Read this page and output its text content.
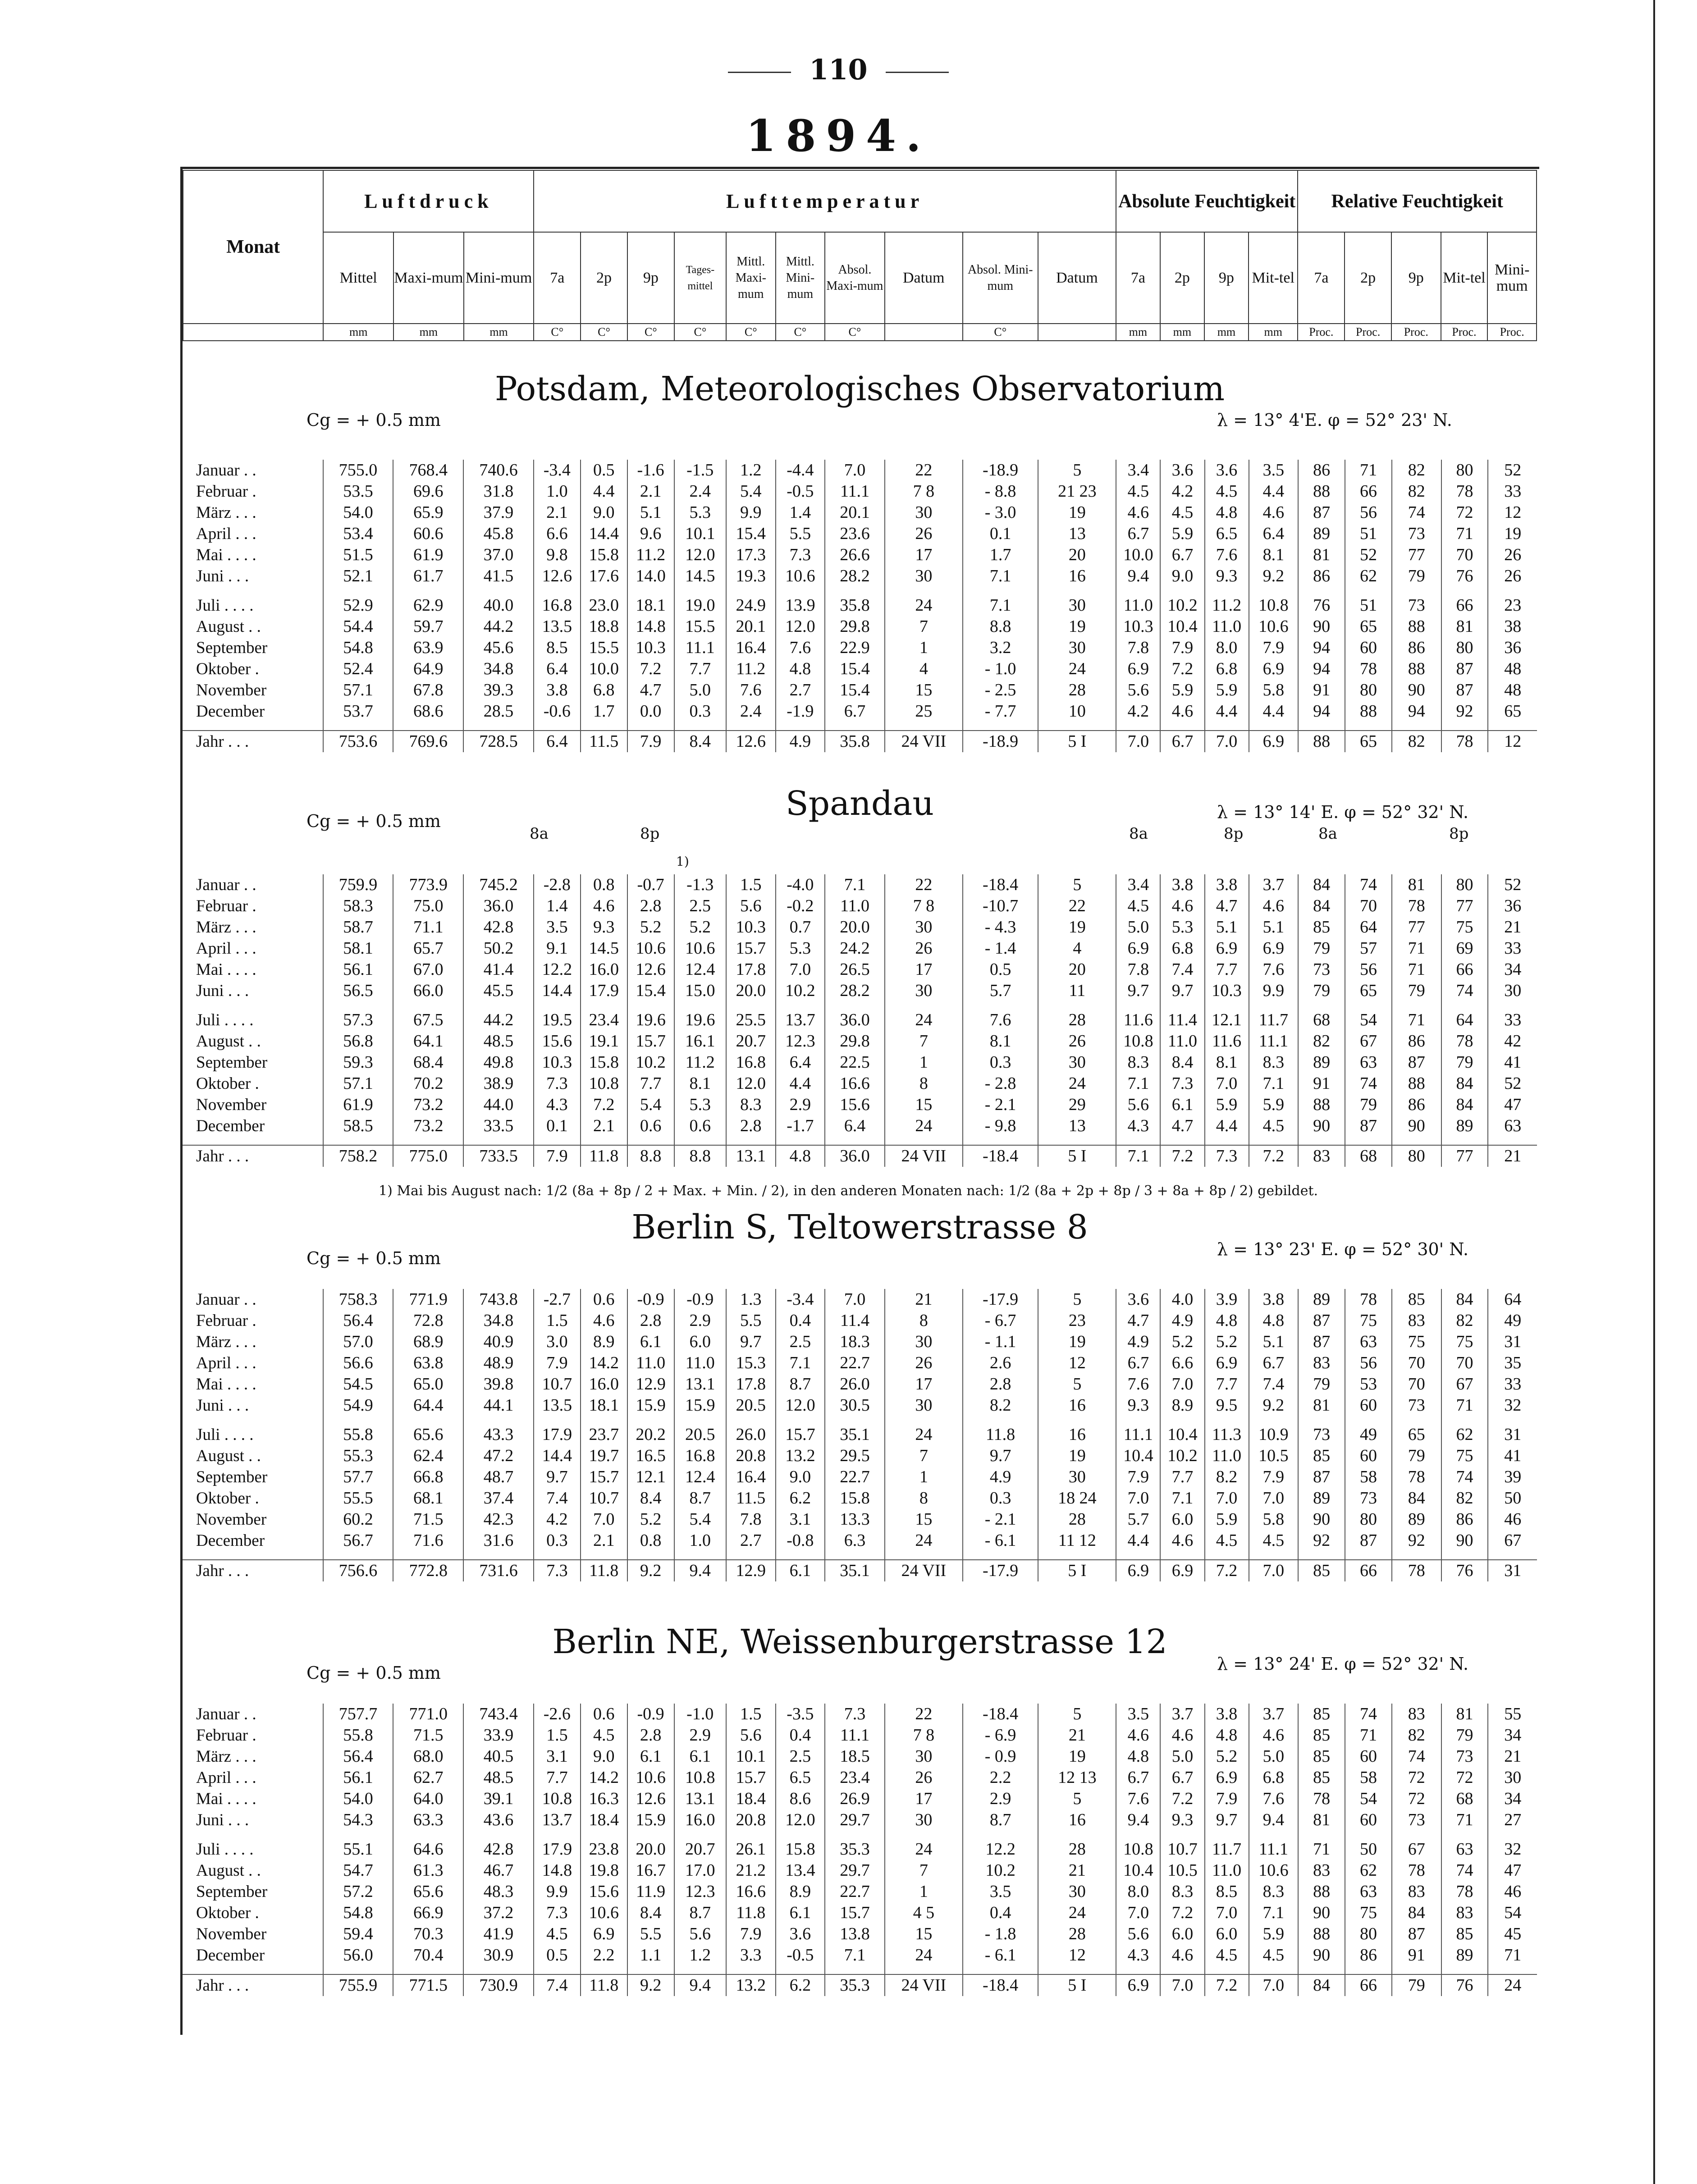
110
1894.
Monat	Luftdruck			Lufttemperatur										Absolute Feuchtigkeit				Relative Feuchtigkeit				
	Mittel	Maxi-mum	Mini-mum	7a	2p	9p	Tages-mittel	Mittl. Maxi-mum	Mittl. Mini-mum	Absol. Maxi-mum	Datum	Absol. Mini-mum	Datum	7a	2p	9p	Mit-tel	7a	2p	9p	Mit-tel	Mini-mum
	mm	mm	mm	C°	C°	C°	C°	C°	C°	C°		C°		mm	mm	mm	mm	Proc.	Proc.	Proc.	Proc.	Proc.
Potsdam, Meteorologisches Observatorium
Cg = + 0.5 mm	λ = 13° 4'E. φ = 52° 23' N.
Januar . .	755.0	768.4	740.6	-3.4	0.5	-1.6	-1.5	1.2	-4.4	7.0	22	-18.9	5	3.4	3.6	3.6	3.5	86	71	82	80	52
Februar .	53.5	69.6	31.8	1.0	4.4	2.1	2.4	5.4	-0.5	11.1	7 8	- 8.8	21 23	4.5	4.2	4.5	4.4	88	66	82	78	33
März . . .	54.0	65.9	37.9	2.1	9.0	5.1	5.3	9.9	1.4	20.1	30	- 3.0	19	4.6	4.5	4.8	4.6	87	56	74	72	12
April . . .	53.4	60.6	45.8	6.6	14.4	9.6	10.1	15.4	5.5	23.6	26	0.1	13	6.7	5.9	6.5	6.4	89	51	73	71	19
Mai . . . .	51.5	61.9	37.0	9.8	15.8	11.2	12.0	17.3	7.3	26.6	17	1.7	20	10.0	6.7	7.6	8.1	81	52	77	70	26
Juni . . .	52.1	61.7	41.5	12.6	17.6	14.0	14.5	19.3	10.6	28.2	30	7.1	16	9.4	9.0	9.3	9.2	86	62	79	76	26

Juli . . . .	52.9	62.9	40.0	16.8	23.0	18.1	19.0	24.9	13.9	35.8	24	7.1	30	11.0	10.2	11.2	10.8	76	51	73	66	23
August . .	54.4	59.7	44.2	13.5	18.8	14.8	15.5	20.1	12.0	29.8	7	8.8	19	10.3	10.4	11.0	10.6	90	65	88	81	38
September	54.8	63.9	45.6	8.5	15.5	10.3	11.1	16.4	7.6	22.9	1	3.2	30	7.8	7.9	8.0	7.9	94	60	86	80	36
Oktober .	52.4	64.9	34.8	6.4	10.0	7.2	7.7	11.2	4.8	15.4	4	- 1.0	24	6.9	7.2	6.8	6.9	94	78	88	87	48
November	57.1	67.8	39.3	3.8	6.8	4.7	5.0	7.6	2.7	15.4	15	- 2.5	28	5.6	5.9	5.9	5.8	91	80	90	87	48
December	53.7	68.6	28.5	-0.6	1.7	0.0	0.3	2.4	-1.9	6.7	25	- 7.7	10	4.2	4.6	4.4	4.4	94	88	94	92	65

Jahr . . .	753.6	769.6	728.5	6.4	11.5	7.9	8.4	12.6	4.9	35.8	24 VII	-18.9	5 I	7.0	6.7	7.0	6.9	88	65	82	78	12
Spandau
Cg = + 0.5 mm	λ = 13° 14' E. φ = 52° 32' N.
8a	8p	8a	8p	8a	8p
1)
Januar . .	759.9	773.9	745.2	-2.8	0.8	-0.7	-1.3	1.5	-4.0	7.1	22	-18.4	5	3.4	3.8	3.8	3.7	84	74	81	80	52
Februar .	58.3	75.0	36.0	1.4	4.6	2.8	2.5	5.6	-0.2	11.0	7 8	-10.7	22	4.5	4.6	4.7	4.6	84	70	78	77	36
März . . .	58.7	71.1	42.8	3.5	9.3	5.2	5.2	10.3	0.7	20.0	30	- 4.3	19	5.0	5.3	5.1	5.1	85	64	77	75	21
April . . .	58.1	65.7	50.2	9.1	14.5	10.6	10.6	15.7	5.3	24.2	26	- 1.4	4	6.9	6.8	6.9	6.9	79	57	71	69	33
Mai . . . .	56.1	67.0	41.4	12.2	16.0	12.6	12.4	17.8	7.0	26.5	17	0.5	20	7.8	7.4	7.7	7.6	73	56	71	66	34
Juni . . .	56.5	66.0	45.5	14.4	17.9	15.4	15.0	20.0	10.2	28.2	30	5.7	11	9.7	9.7	10.3	9.9	79	65	79	74	30

Juli . . . .	57.3	67.5	44.2	19.5	23.4	19.6	19.6	25.5	13.7	36.0	24	7.6	28	11.6	11.4	12.1	11.7	68	54	71	64	33
August . .	56.8	64.1	48.5	15.6	19.1	15.7	16.1	20.7	12.3	29.8	7	8.1	26	10.8	11.0	11.6	11.1	82	67	86	78	42
September	59.3	68.4	49.8	10.3	15.8	10.2	11.2	16.8	6.4	22.5	1	0.3	30	8.3	8.4	8.1	8.3	89	63	87	79	41
Oktober .	57.1	70.2	38.9	7.3	10.8	7.7	8.1	12.0	4.4	16.6	8	- 2.8	24	7.1	7.3	7.0	7.1	91	74	88	84	52
November	61.9	73.2	44.0	4.3	7.2	5.4	5.3	8.3	2.9	15.6	15	- 2.1	29	5.6	6.1	5.9	5.9	88	79	86	84	47
December	58.5	73.2	33.5	0.1	2.1	0.6	0.6	2.8	-1.7	6.4	24	- 9.8	13	4.3	4.7	4.4	4.5	90	87	90	89	63

Jahr . . .	758.2	775.0	733.5	7.9	11.8	8.8	8.8	13.1	4.8	36.0	24 VII	-18.4	5 I	7.1	7.2	7.3	7.2	83	68	80	77	21
1) Mai bis August nach: 1/2 (8a + 8p / 2 + Max. + Min. / 2), in den anderen Monaten nach: 1/2 (8a + 2p + 8p / 3 + 8a + 8p / 2) gebildet.
Berlin S, Teltowerstrasse 8
Cg = + 0.5 mm	λ = 13° 23' E. φ = 52° 30' N.
Januar . .	758.3	771.9	743.8	-2.7	0.6	-0.9	-0.9	1.3	-3.4	7.0	21	-17.9	5	3.6	4.0	3.9	3.8	89	78	85	84	64
Februar .	56.4	72.8	34.8	1.5	4.6	2.8	2.9	5.5	0.4	11.4	8	- 6.7	23	4.7	4.9	4.8	4.8	87	75	83	82	49
März . . .	57.0	68.9	40.9	3.0	8.9	6.1	6.0	9.7	2.5	18.3	30	- 1.1	19	4.9	5.2	5.2	5.1	87	63	75	75	31
April . . .	56.6	63.8	48.9	7.9	14.2	11.0	11.0	15.3	7.1	22.7	26	2.6	12	6.7	6.6	6.9	6.7	83	56	70	70	35
Mai . . . .	54.5	65.0	39.8	10.7	16.0	12.9	13.1	17.8	8.7	26.0	17	2.8	5	7.6	7.0	7.7	7.4	79	53	70	67	33
Juni . . .	54.9	64.4	44.1	13.5	18.1	15.9	15.9	20.5	12.0	30.5	30	8.2	16	9.3	8.9	9.5	9.2	81	60	73	71	32

Juli . . . .	55.8	65.6	43.3	17.9	23.7	20.2	20.5	26.0	15.7	35.1	24	11.8	16	11.1	10.4	11.3	10.9	73	49	65	62	31
August . .	55.3	62.4	47.2	14.4	19.7	16.5	16.8	20.8	13.2	29.5	7	9.7	19	10.4	10.2	11.0	10.5	85	60	79	75	41
September	57.7	66.8	48.7	9.7	15.7	12.1	12.4	16.4	9.0	22.7	1	4.9	30	7.9	7.7	8.2	7.9	87	58	78	74	39
Oktober .	55.5	68.1	37.4	7.4	10.7	8.4	8.7	11.5	6.2	15.8	8	0.3	18 24	7.0	7.1	7.0	7.0	89	73	84	82	50
November	60.2	71.5	42.3	4.2	7.0	5.2	5.4	7.8	3.1	13.3	15	- 2.1	28	5.7	6.0	5.9	5.8	90	80	89	86	46
December	56.7	71.6	31.6	0.3	2.1	0.8	1.0	2.7	-0.8	6.3	24	- 6.1	11 12	4.4	4.6	4.5	4.5	92	87	92	90	67

Jahr . . .	756.6	772.8	731.6	7.3	11.8	9.2	9.4	12.9	6.1	35.1	24 VII	-17.9	5 I	6.9	6.9	7.2	7.0	85	66	78	76	31
Berlin NE, Weissenburgerstrasse 12
Cg = + 0.5 mm	λ = 13° 24' E. φ = 52° 32' N.
Januar . .	757.7	771.0	743.4	-2.6	0.6	-0.9	-1.0	1.5	-3.5	7.3	22	-18.4	5	3.5	3.7	3.8	3.7	85	74	83	81	55
Februar .	55.8	71.5	33.9	1.5	4.5	2.8	2.9	5.6	0.4	11.1	7 8	- 6.9	21	4.6	4.6	4.8	4.6	85	71	82	79	34
März . . .	56.4	68.0	40.5	3.1	9.0	6.1	6.1	10.1	2.5	18.5	30	- 0.9	19	4.8	5.0	5.2	5.0	85	60	74	73	21
April . . .	56.1	62.7	48.5	7.7	14.2	10.6	10.8	15.7	6.5	23.4	26	2.2	12 13	6.7	6.7	6.9	6.8	85	58	72	72	30
Mai . . . .	54.0	64.0	39.1	10.8	16.3	12.6	13.1	18.4	8.6	26.9	17	2.9	5	7.6	7.2	7.9	7.6	78	54	72	68	34
Juni . . .	54.3	63.3	43.6	13.7	18.4	15.9	16.0	20.8	12.0	29.7	30	8.7	16	9.4	9.3	9.7	9.4	81	60	73	71	27

Juli . . . .	55.1	64.6	42.8	17.9	23.8	20.0	20.7	26.1	15.8	35.3	24	12.2	28	10.8	10.7	11.7	11.1	71	50	67	63	32
August . .	54.7	61.3	46.7	14.8	19.8	16.7	17.0	21.2	13.4	29.7	7	10.2	21	10.4	10.5	11.0	10.6	83	62	78	74	47
September	57.2	65.6	48.3	9.9	15.6	11.9	12.3	16.6	8.9	22.7	1	3.5	30	8.0	8.3	8.5	8.3	88	63	83	78	46
Oktober .	54.8	66.9	37.2	7.3	10.6	8.4	8.7	11.8	6.1	15.7	4 5	0.4	24	7.0	7.2	7.0	7.1	90	75	84	83	54
November	59.4	70.3	41.9	4.5	6.9	5.5	5.6	7.9	3.6	13.8	15	- 1.8	28	5.6	6.0	6.0	5.9	88	80	87	85	45
December	56.0	70.4	30.9	0.5	2.2	1.1	1.2	3.3	-0.5	7.1	24	- 6.1	12	4.3	4.6	4.5	4.5	90	86	91	89	71

Jahr . . .	755.9	771.5	730.9	7.4	11.8	9.2	9.4	13.2	6.2	35.3	24 VII	-18.4	5 I	6.9	7.0	7.2	7.0	84	66	79	76	24
